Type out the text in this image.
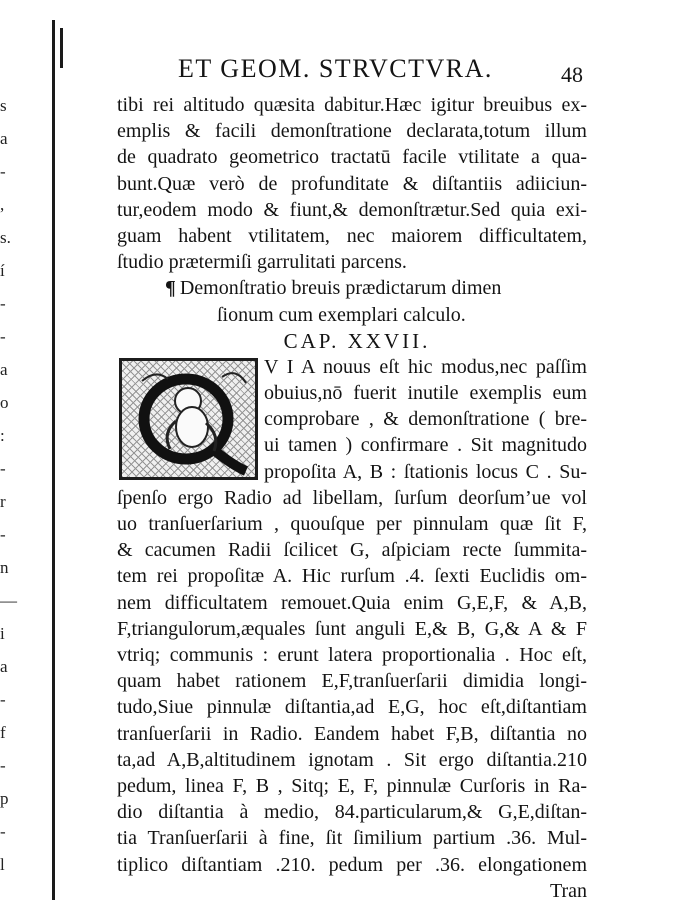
s
a
-
,
s.
í
-
-
a
o
:
-
r
-
n
—
i
a
-
f
-
p
-
l
ET GEOM. STRVCTVRA.	48
tibi rei altitudo quæsita dabitur.Hæc igitur breuibus ex-
emplis & facili demonſtratione declarata,totum illum
de quadrato geometrico tractatū facile vtilitate a qua-
bunt.Quæ verò de profunditate & diſtantiis adiiciun-
tur,eodem modo & fiunt,& demonſtrætur.Sed quia exi-
guam habent vtilitatem, nec maiorem difficultatem,
ſtudio prætermiſi garrulitati parcens.
¶ Demonſtratio breuis prædictarum dimen
ſionum cum exemplari calculo.
CAP. XXVII.
V I A nouus eſt hic modus,nec paſſim
obuius,nō fuerit inutile exemplis eum
comprobare , & demonſtratione ( bre-
ui tamen ) confirmare . Sit magnitudo
propoſita A, B : ſtationis locus C . Su-
ſpenſo ergo Radio ad libellam, ſurſum deorſum’ue vol
uo tranſuerſarium , quouſque per pinnulam quæ ſit F,
& cacumen Radii ſcilicet G, aſpiciam recte ſummita-
tem rei propoſitæ A. Hic rurſum .4. ſexti Euclidis om-
nem difficultatem remouet.Quia enim G,E,F, & A,B,
F,triangulorum,æquales ſunt anguli E,& B, G,& A & F
vtriq; communis : erunt latera proportionalia . Hoc eſt,
quam habet rationem E,F,tranſuerſarii dimidia longi-
tudo,Siue pinnulæ diſtantia,ad E,G, hoc eſt,diſtantiam
tranſuerſarii in Radio. Eandem habet F,B, diſtantia no
ta,ad A,B,altitudinem ignotam . Sit ergo diſtantia.210
pedum, linea F, B , Sitq; E, F, pinnulæ Curſoris in Ra-
dio diſtantia à medio, 84.particularum,& G,E,diſtan-
tia Tranſuerſarii à fine, ſit ſimilium partium .36. Mul-
tiplico diſtantiam .210. pedum per .36. elongationem
Tran
